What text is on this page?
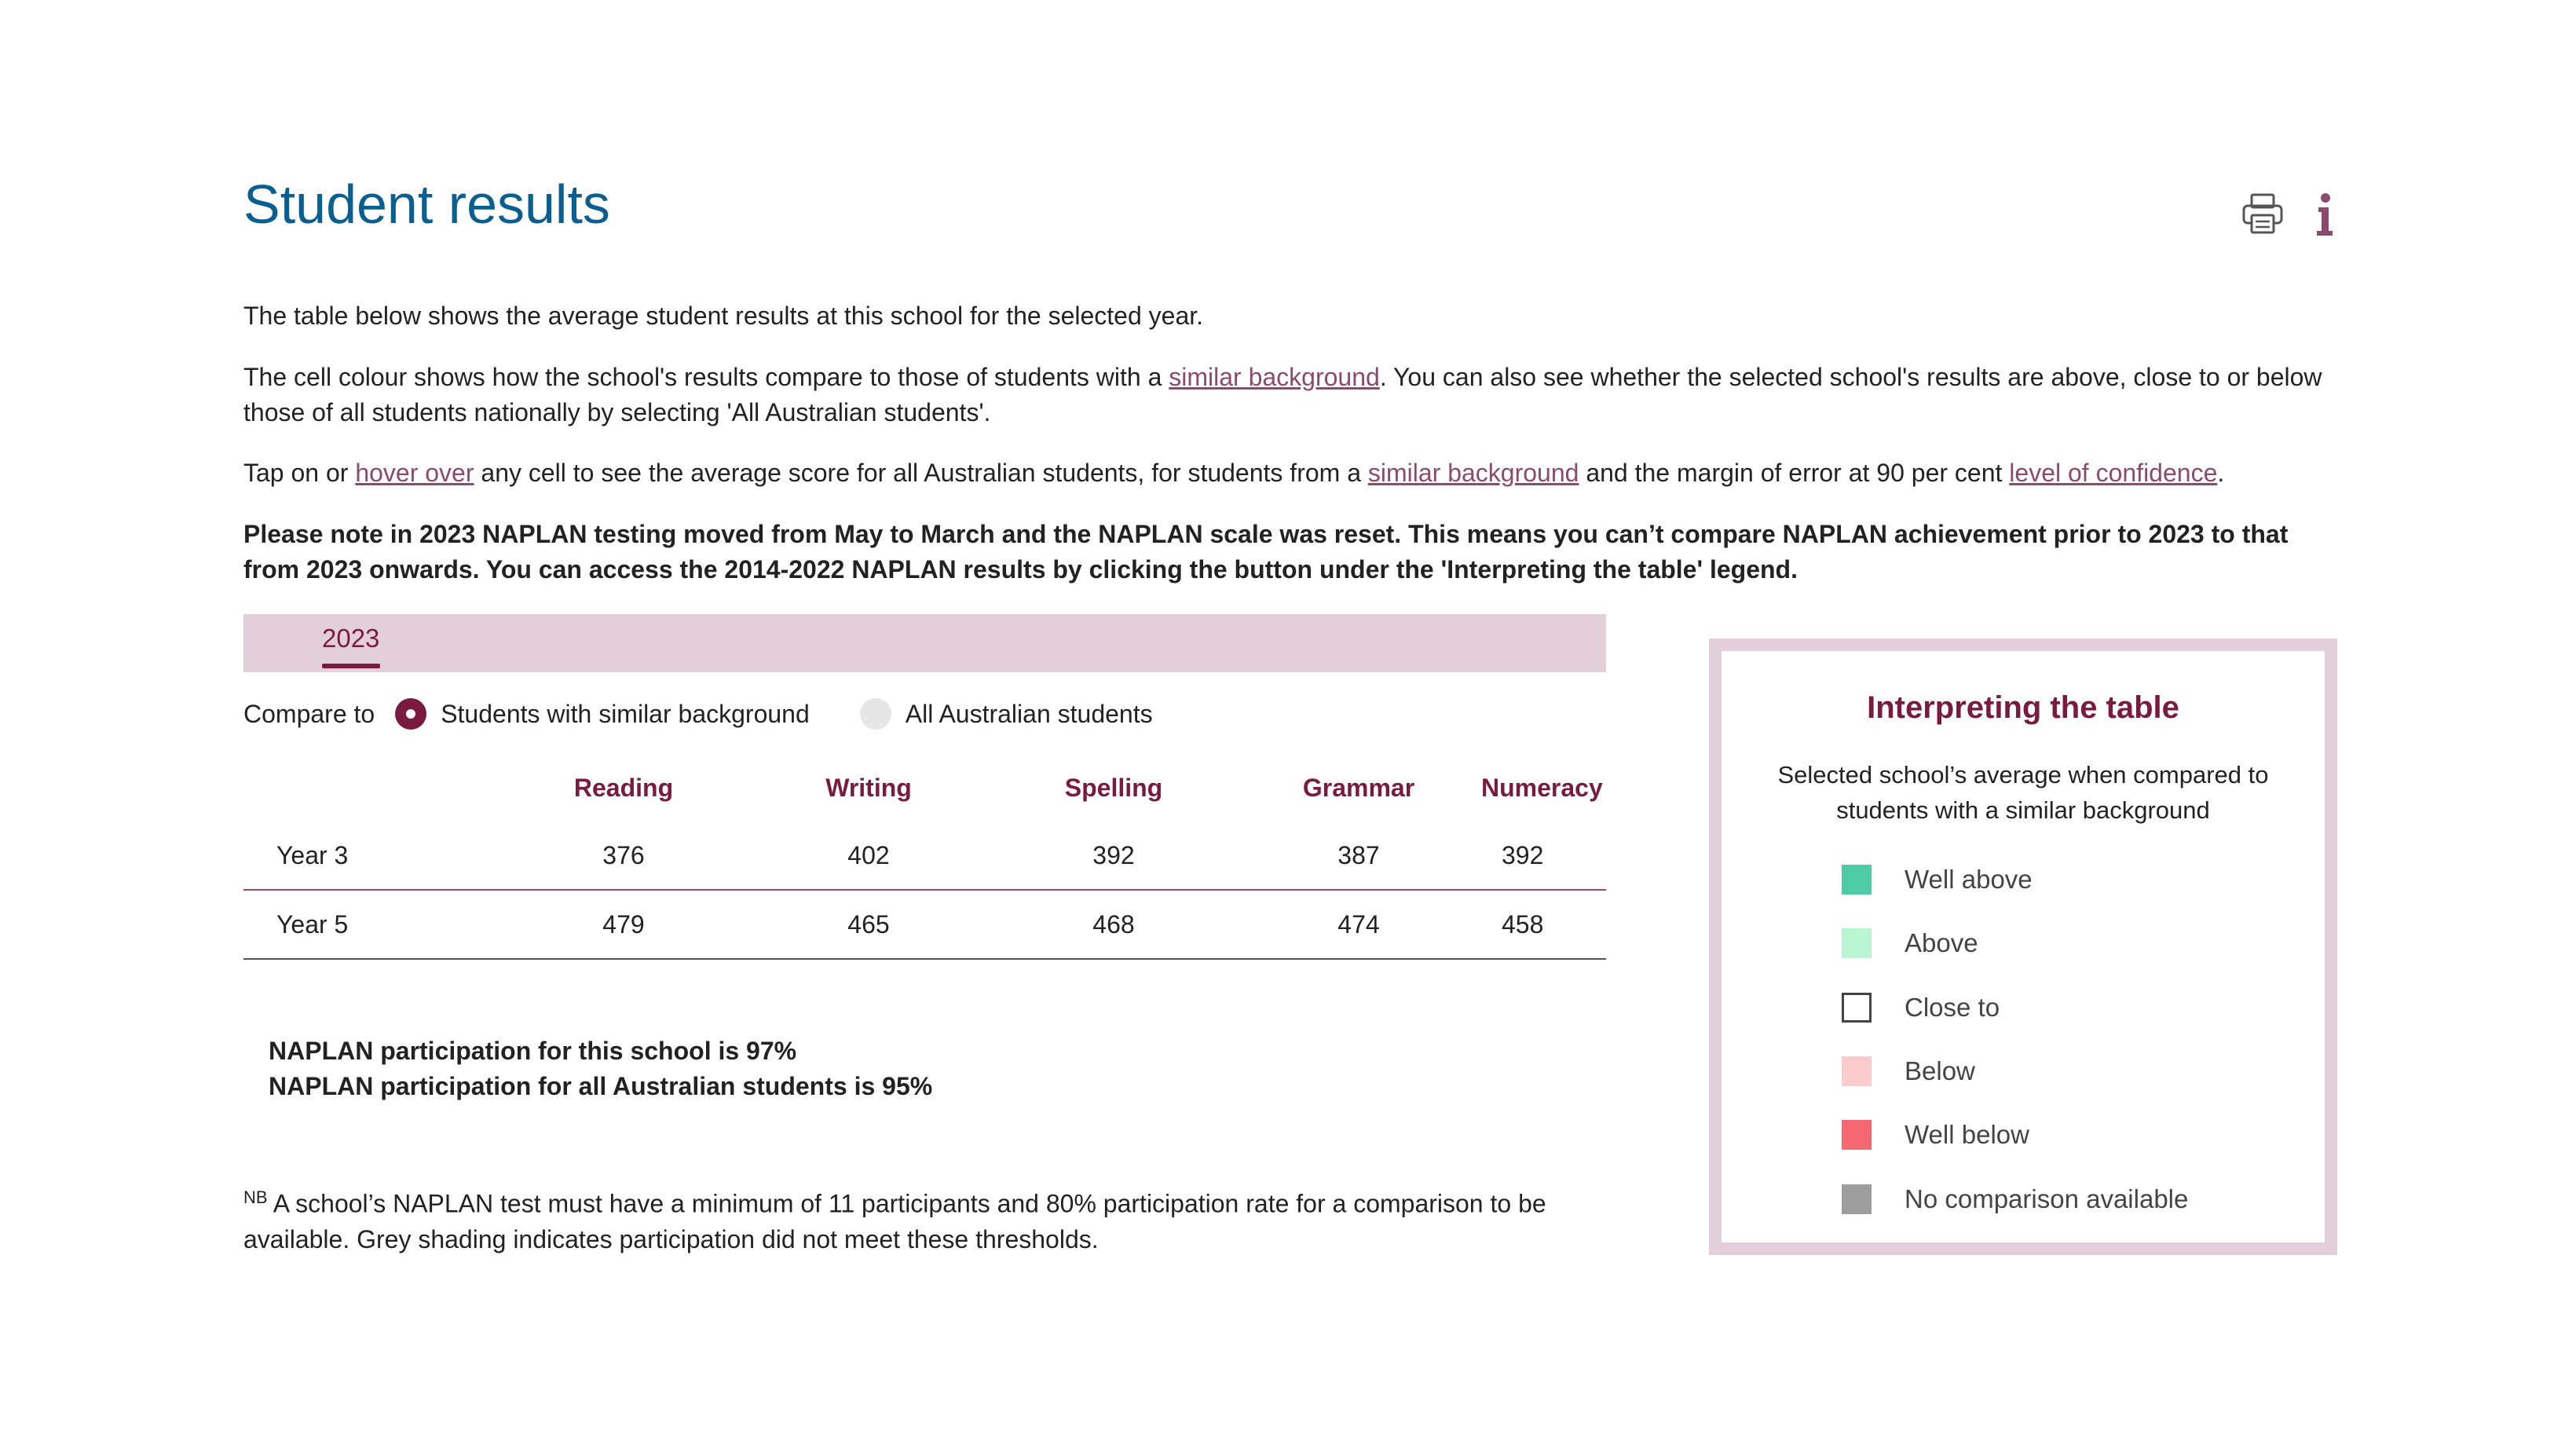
Student results

The table below shows the average student results at this school for the selected year.

The cell colour shows how the school's results compare to those of students with a similar background. You can also see whether the selected school's results are above, close to or below those of all students nationally by selecting 'All Australian students'.

Tap on or hover over any cell to see the average score for all Australian students, for students from a similar background and the margin of error at 90 per cent level of confidence.

Please note in 2023 NAPLAN testing moved from May to March and the NAPLAN scale was reset. This means you can’t compare NAPLAN achievement prior to 2023 to that from 2023 onwards. You can access the 2014-2022 NAPLAN results by clicking the button under the 'Interpreting the table' legend.

2023
Compare to	Students with similar background	All Australian students
	Reading	Writing	Spelling	Grammar	Numeracy
Year 3	376	402	392	387	392
Year 5	479	465	468	474	458
NAPLAN participation for this school is 97%
NAPLAN participation for all Australian students is 95%

$^{NB}$ A school’s NAPLAN test must have a minimum of 11 participants and 80% participation rate for a comparison to be available. Grey shading indicates participation did not meet these thresholds.

Interpreting the table
Selected school’s average when compared to students with a similar background
Well above
Above
Close to
Below
Well below
No comparison available
